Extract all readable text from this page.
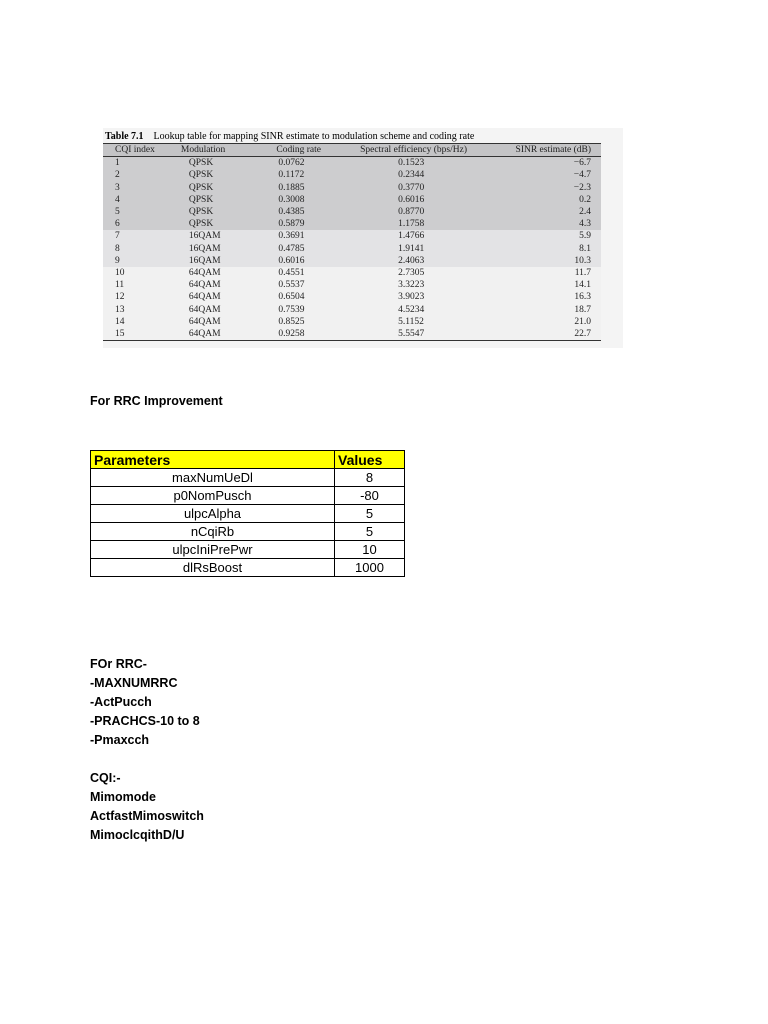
Table 7.1 Lookup table for mapping SINR estimate to modulation scheme and coding rate
CQI index	Modulation	Coding rate	Spectral efficiency (bps/Hz)	SINR estimate (dB)
1	QPSK	0.0762	0.1523	−6.7
2	QPSK	0.1172	0.2344	−4.7
3	QPSK	0.1885	0.3770	−2.3
4	QPSK	0.3008	0.6016	0.2
5	QPSK	0.4385	0.8770	2.4
6	QPSK	0.5879	1.1758	4.3
7	16QAM	0.3691	1.4766	5.9
8	16QAM	0.4785	1.9141	8.1
9	16QAM	0.6016	2.4063	10.3
10	64QAM	0.4551	2.7305	11.7
11	64QAM	0.5537	3.3223	14.1
12	64QAM	0.6504	3.9023	16.3
13	64QAM	0.7539	4.5234	18.7
14	64QAM	0.8525	5.1152	21.0
15	64QAM	0.9258	5.5547	22.7
For RRC Improvement
Parameters	Values
maxNumUeDl	8
p0NomPusch	-80
ulpcAlpha	5
nCqiRb	5
ulpcIniPrePwr	10
dlRsBoost	1000
FOr RRC-
-MAXNUMRRC
-ActPucch
-PRACHCS-10 to 8
-Pmaxcch
CQI:-
Mimomode
ActfastMimoswitch
MimoclcqithD/U
